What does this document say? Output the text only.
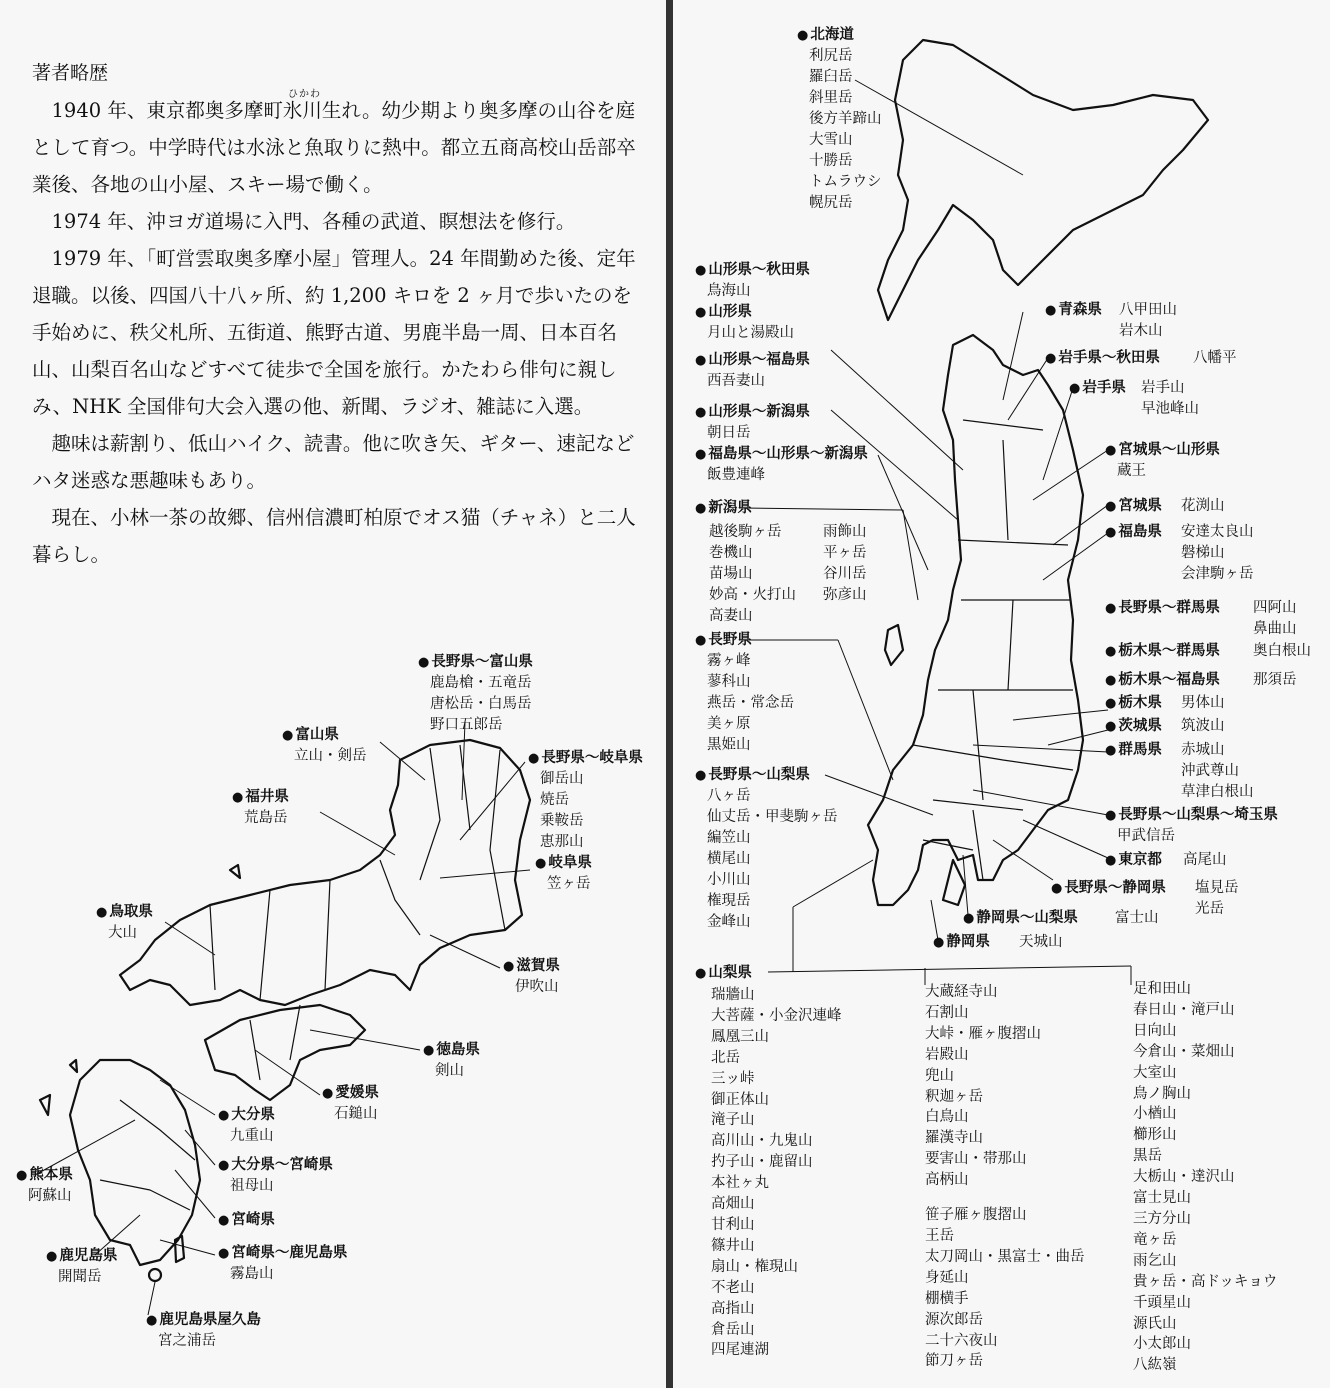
著者略歴
ひかわ

1940 年、東京都奥多摩町氷川生れ。幼少期より奥多摩の山谷を庭として育つ。中学時代は水泳と魚取りに熱中。都立五商高校山岳部卒業後、各地の山小屋、スキー場で働く。

1974 年、沖ヨガ道場に入門、各種の武道、瞑想法を修行。

1979 年、「町営雲取奥多摩小屋」管理人。24 年間勤めた後、定年退職。以後、四国八十八ヶ所、約 1,200 キロを 2 ヶ月で歩いたのを手始めに、秩父札所、五街道、熊野古道、男鹿半島一周、日本百名山、山梨百名山などすべて徒歩で全国を旅行。かたわら俳句に親しみ、NHK 全国俳句大会入選の他、新聞、ラジオ、雑誌に入選。

趣味は薪割り、低山ハイク、読書。他に吹き矢、ギター、速記などハタ迷惑な悪趣味もあり。

現在、小林一茶の故郷、信州信濃町柏原でオス猫（チャネ）と二人暮らし。

● 長野県～富山県
鹿島槍・五竜岳
唐松岳・白馬岳
野口五郎岳
● 富山県
立山・剣岳
●	長野県～岐阜県
御岳山
焼岳
乗鞍岳
恵那山
● 福井県
荒島岳
● 岐阜県
笠ヶ岳
● 鳥取県
大山
● 滋賀県
伊吹山
● 徳島県
剣山
● 愛媛県
石鎚山
● 大分県
九重山
● 大分県～宮崎県
祖母山
● 熊本県
阿蘇山
● 宮崎県
● 鹿児島県
開聞岳
● 宮崎県～鹿児島県
霧島山
● 鹿児島県屋久島
宮之浦岳
● 北海道
利尻岳
羅臼岳
斜里岳
後方羊蹄山
大雪山
十勝岳
トムラウシ
幌尻岳
● 山形県～秋田県
鳥海山
● 山形県
月山と湯殿山
● 山形県～福島県
西吾妻山
● 山形県～新潟県
朝日岳
● 福島県～山形県～新潟県
飯豊連峰
● 新潟県
越後駒ヶ岳
巻機山
苗場山
妙高・火打山
高妻山
雨飾山
平ヶ岳
谷川岳
弥彦山
● 長野県
霧ヶ峰
蓼科山
燕岳・常念岳
美ヶ原
黒姫山
● 長野県～山梨県
八ヶ岳
仙丈岳・甲斐駒ヶ岳
編笠山
横尾山
小川山
権現岳
金峰山
● 青森県 八甲田山
岩木山
● 岩手県～秋田県 八幡平
● 岩手県 岩手山
早池峰山
● 宮城県～山形県
蔵王
● 宮城県 花渕山
● 福島県 安達太良山
磐梯山
会津駒ヶ岳
● 長野県～群馬県 四阿山
鼻曲山
● 栃木県～群馬県 奥白根山
● 栃木県～福島県 那須岳
● 栃木県 男体山
● 茨城県 筑波山
● 群馬県 赤城山
沖武尊山
草津白根山
● 長野県～山梨県～埼玉県
甲武信岳
● 東京都 高尾山
● 長野県～静岡県 塩見岳
光岳
● 静岡県～山梨県	富士山
● 静岡県 天城山
● 山梨県
瑞牆山
大菩薩・小金沢連峰
鳳凰三山
北岳
三ッ峠
御正体山
滝子山
高川山・九鬼山
扚子山・鹿留山
本社ヶ丸
高畑山
甘利山
篠井山
扇山・権現山
不老山
高指山
倉岳山
四尾連湖
大蔵経寺山
石割山
大峠・雁ヶ腹摺山
岩殿山
兜山
釈迦ヶ岳
白鳥山
羅漢寺山
要害山・帯那山
高柄山
笹子雁ヶ腹摺山
王岳
太刀岡山・黒富士・曲岳
身延山
棚横手
源次郎岳
二十六夜山
節刀ヶ岳
足和田山
春日山・滝戸山
日向山
今倉山・菜畑山
大室山
鳥ノ胸山
小楢山
櫛形山
黒岳
大栃山・達沢山
富士見山
三方分山
竜ヶ岳
雨乞山
貴ヶ岳・高ドッキョウ
千頭星山
源氏山
小太郎山
八紘嶺
